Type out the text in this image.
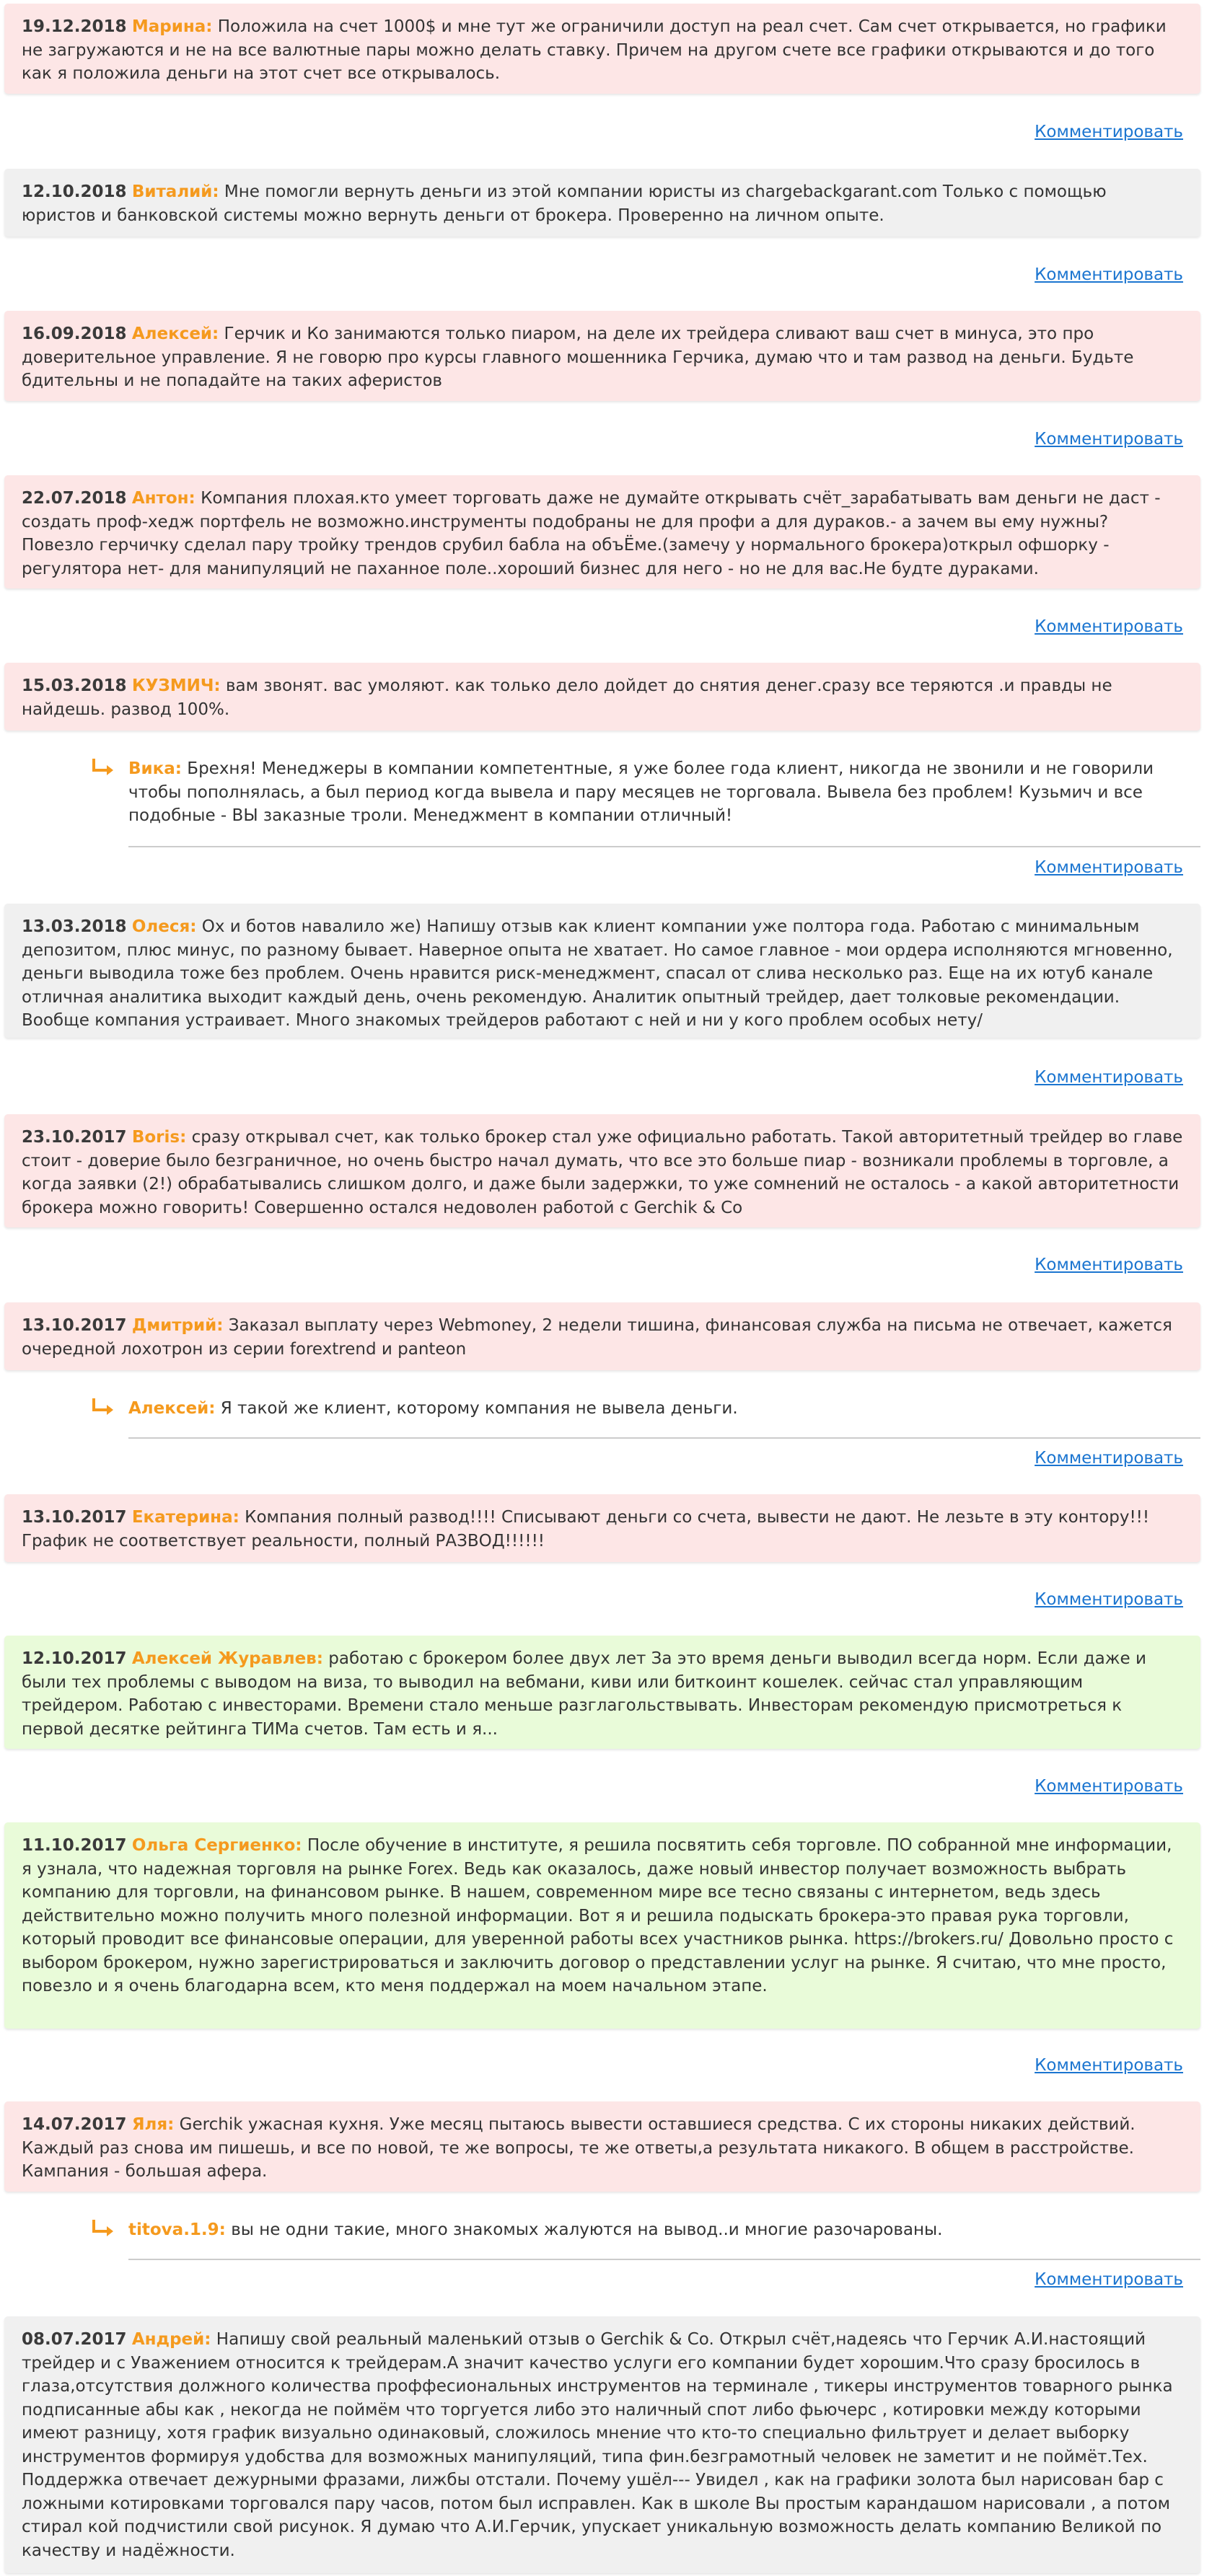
19.12.2018 Марина: Положила на счет 1000$ и мне тут же ограничили доступ на реал счет. Сам счет открывается, но графики не загружаются и не на все валютные пары можно делать ставку. Причем на другом счете все графики открываются и до того как я положила деньги на этот счет все открывалось.
Комментировать
12.10.2018 Виталий: Мне помогли вернуть деньги из этой компании юристы из chargebackgarant.com Только с помощью юристов и банковской системы можно вернуть деньги от брокера. Проверенно на личном опыте.
Комментировать
16.09.2018 Алексей: Герчик и Ко занимаются только пиаром, на деле их трейдера сливают ваш счет в минуса, это про доверительное управление. Я не говорю про курсы главного мошенника Герчика, думаю что и там развод на деньги. Будьте бдительны и не попадайте на таких аферистов
Комментировать
22.07.2018 Антон: Компания плохая.кто умеет торговать даже не думайте открывать счёт_зарабатывать вам деньги не даст - создать проф-хедж портфель не возможно.инструменты подобраны не для профи а для дураков.- а зачем вы ему нужны? Повезло герчичку сделал пару тройку трендов срубил бабла на объЁме.(замечу у нормального брокера)открыл офшорку - регулятора нет- для манипуляций не паханное поле..хороший бизнес для него - но не для вас.Не будте дураками.
Комментировать
15.03.2018 КУЗМИЧ: вам звонят. вас умоляют. как только дело дойдет до снятия денег.сразу все теряются .и правды не найдешь. развод 100%.
Вика: Брехня! Менеджеры в компании компетентные, я уже более года клиент, никогда не звонили и не говорили чтобы пополнялась, а был период когда вывела и пару месяцев не торговала. Вывела без проблем! Кузьмич и все подобные - ВЫ заказные троли. Менеджмент в компании отличный!
Комментировать
13.03.2018 Олеся: Ох и ботов навалило же) Напишу отзыв как клиент компании уже полтора года. Работаю с минимальным депозитом, плюс минус, по разному бывает. Наверное опыта не хватает. Но самое главное - мои ордера исполняются мгновенно, деньги выводила тоже без проблем. Очень нравится риск-менеджмент, спасал от слива несколько раз. Еще на их ютуб канале отличная аналитика выходит каждый день, очень рекомендую. Аналитик опытный трейдер, дает толковые рекомендации. Вообще компания устраивает. Много знакомых трейдеров работают с ней и ни у кого проблем особых нету/
Комментировать
23.10.2017 Boris: сразу открывал счет, как только брокер стал уже официально работать. Такой авторитетный трейдер во главе стоит - доверие было безграничное, но очень быстро начал думать, что все это больше пиар - возникали проблемы в торговле, а когда заявки (2!) обрабатывались слишком долго, и даже были задержки, то уже сомнений не осталось - а какой авторитетности брокера можно говорить! Совершенно остался недоволен работой с Gerchik & Co
Комментировать
13.10.2017 Дмитрий: Заказал выплату через Webmoney, 2 недели тишина, финансовая служба на письма не отвечает, кажется очередной лохотрон из серии forextrend и panteon
Алексей: Я такой же клиент, которому компания не вывела деньги.
Комментировать
13.10.2017 Екатерина: Компания полный развод!!!! Списывают деньги со счета, вывести не дают. Не лезьте в эту контору!!! График не соответствует реальности, полный РАЗВОД!!!!!!
Комментировать
12.10.2017 Алексей Журавлев: работаю с брокером более двух лет За это время деньги выводил всегда норм. Если даже и были тех проблемы с выводом на виза, то выводил на вебмани, киви или биткоинт кошелек. сейчас стал управляющим трейдером. Работаю с инвесторами. Времени стало меньше разглагольствывать. Инвесторам рекомендую присмотреться к первой десятке рейтинга ТИМа счетов. Там есть и я...
Комментировать
11.10.2017 Ольга Сергиенко: После обучение в институте, я решила посвятить себя торговле. ПО собранной мне информации, я узнала, что надежная торговля на рынке Forex. Ведь как оказалось, даже новый инвестор получает возможность выбрать компанию для торговли, на финансовом рынке. В нашем, современном мире все тесно связаны с интернетом, ведь здесь действительно можно получить много полезной информации. Вот я и решила подыскать брокера-это правая рука торговли, который проводит все финансовые операции, для уверенной работы всех участников рынка. https://brokers.ru/ Довольно просто с выбором брокером, нужно зарегистрироваться и заключить договор о представлении услуг на рынке. Я считаю, что мне просто, повезло и я очень благодарна всем, кто меня поддержал на моем начальном этапе.
Комментировать
14.07.2017 Яля: Gerchik ужасная кухня. Уже месяц пытаюсь вывести оставшиеся средства. С их стороны никаких действий. Каждый раз снова им пишешь, и все по новой, те же вопросы, те же ответы,а результата никакого. В общем в расстройстве. Кампания - большая афера.
titova.1.9: вы не одни такие, много знакомых жалуются на вывод..и многие разочарованы.
Комментировать
08.07.2017 Андрей: Напишу свой реальный маленький отзыв о Gerchik & Co. Открыл счёт,надеясь что Герчик А.И.настоящий трейдер и с Уважением относится к трейдерам.А значит качество услуги его компании будет хорошим.Что сразу бросилось в глаза,отсутствия должного количества проффесиональных инструментов на терминале , тикеры инструментов товарного рынка подписанные абы как , некогда не поймём что торгуется либо это наличный спот либо фьючерс , котировки между которыми имеют разницу, хотя график визуально одинаковый, сложилось мнение что кто-то специально фильтрует и делает выборку инструментов формируя удобства для возможных манипуляций, типа фин.безграмотный человек не заметит и не поймёт.Тех. Поддержка отвечает дежурными фразами, лижбы отстали. Почему ушёл--- Увидел , как на графики золота был нарисован бар с ложными котировками торговался пару часов, потом был исправлен. Как в школе Вы простым карандашом нарисовали , а потом стирал кой подчистили свой рисунок. Я думаю что А.И.Герчик, упускает уникальную возможность делать компанию Великой по качеству и надёжности.
